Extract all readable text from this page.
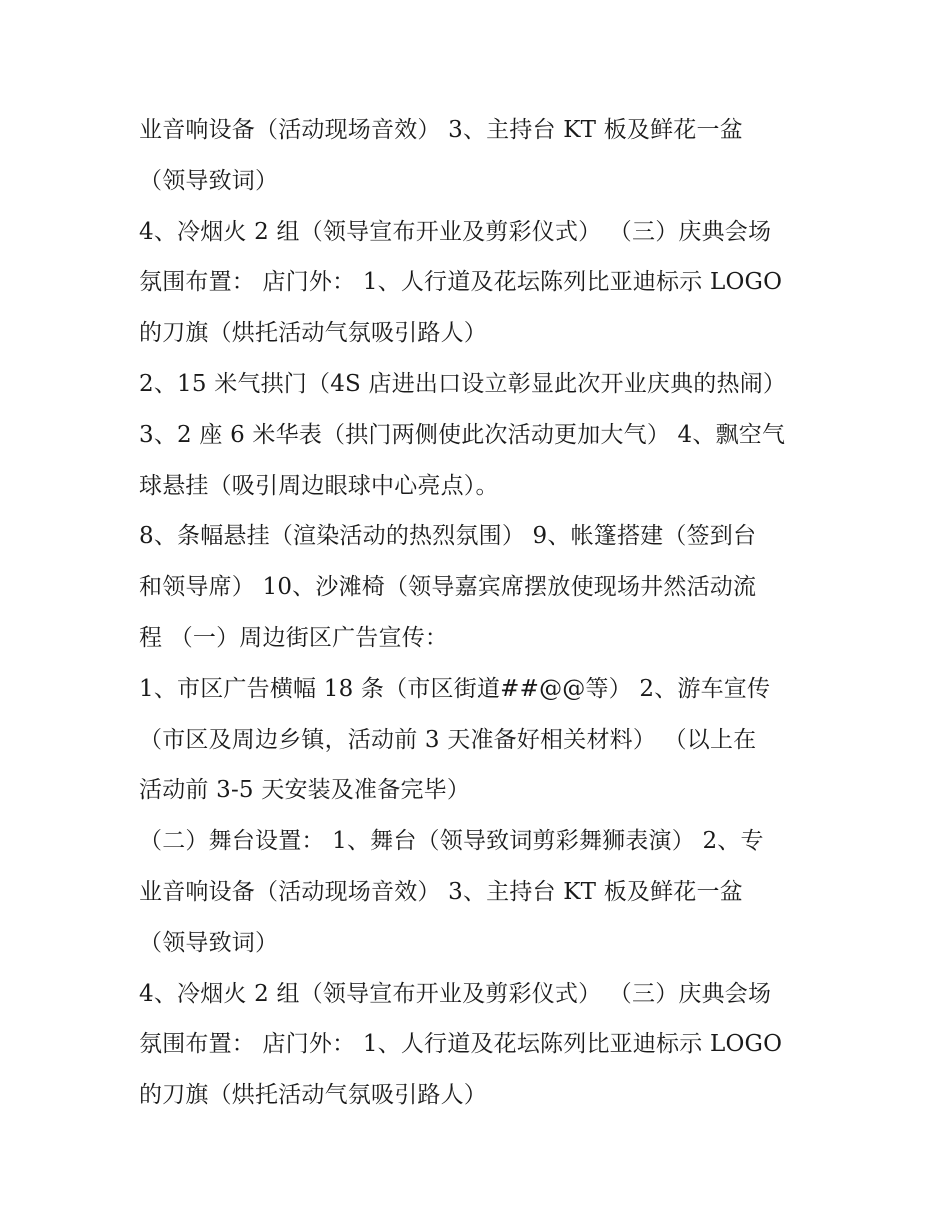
业音响设备（活动现场音效） 3、主持台 KT 板及鲜花一盆
（领导致词）
4、冷烟火 2 组（领导宣布开业及剪彩仪式） （三）庆典会场
氛围布置： 店门外： 1、人行道及花坛陈列比亚迪标示 LOGO
的刀旗（烘托活动气氛吸引路人）
2、15 米气拱门（4S 店进出口设立彰显此次开业庆典的热闹）
3、2 座 6 米华表（拱门两侧使此次活动更加大气） 4、飘空气
球悬挂（吸引周边眼球中心亮点）。
8、条幅悬挂（渲染活动的热烈氛围） 9、帐篷搭建（签到台
和领导席） 10、沙滩椅（领导嘉宾席摆放使现场井然活动流
程 （一）周边街区广告宣传：
1、市区广告横幅 18 条（市区街道##@@等） 2、游车宣传
（市区及周边乡镇，活动前 3 天准备好相关材料） （以上在
活动前 3-5 天安装及准备完毕）
（二）舞台设置： 1、舞台（领导致词剪彩舞狮表演） 2、专
业音响设备（活动现场音效） 3、主持台 KT 板及鲜花一盆
（领导致词）
4、冷烟火 2 组（领导宣布开业及剪彩仪式） （三）庆典会场
氛围布置： 店门外： 1、人行道及花坛陈列比亚迪标示 LOGO
的刀旗（烘托活动气氛吸引路人）
